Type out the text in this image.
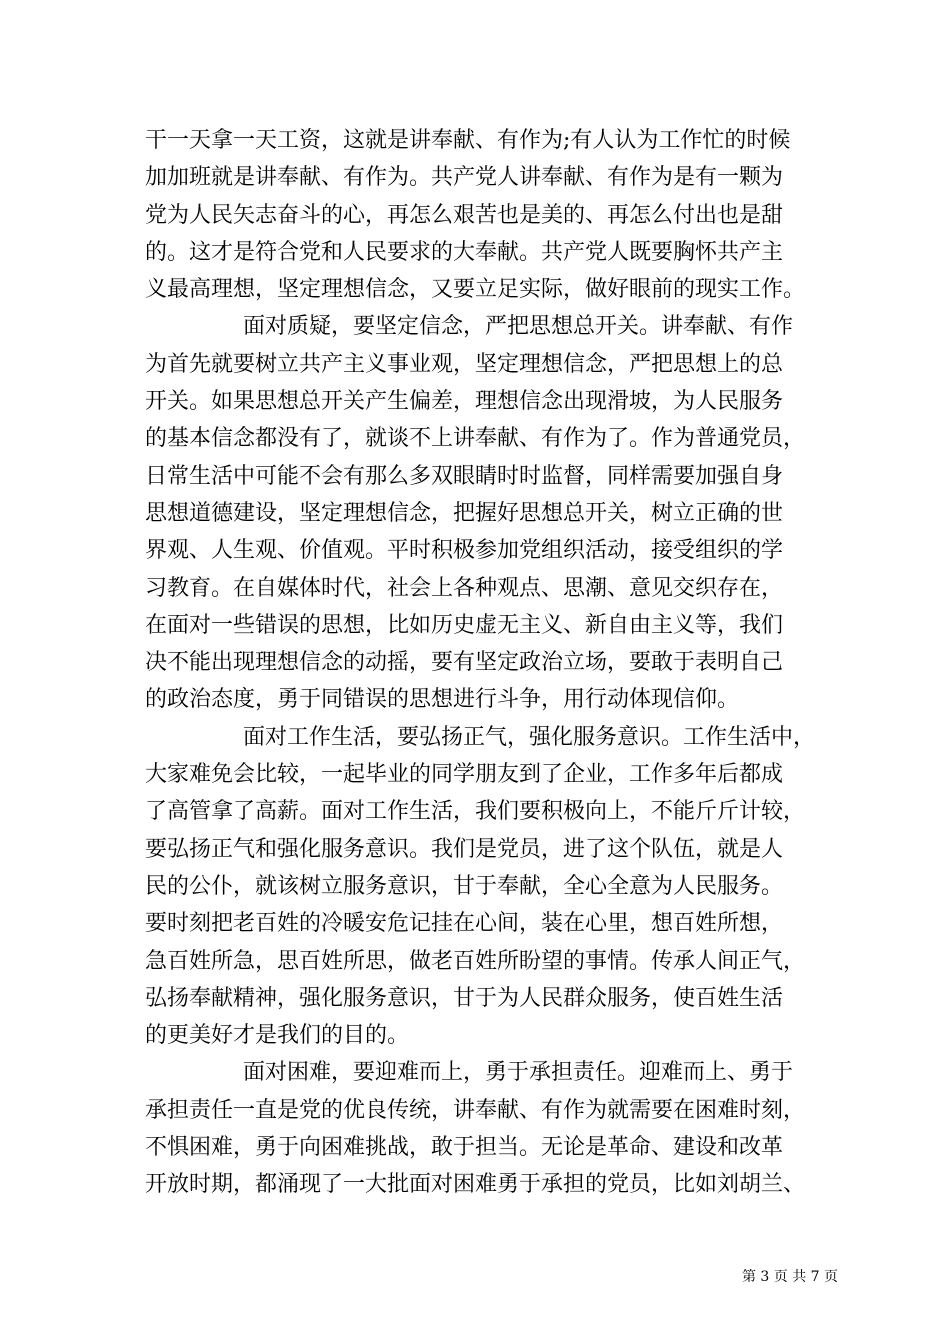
干一天拿一天工资，这就是讲奉献、有作为;有人认为工作忙的时候
加加班就是讲奉献、有作为。共产党人讲奉献、有作为是有一颗为
党为人民矢志奋斗的心，再怎么艰苦也是美的、再怎么付出也是甜
的。这才是符合党和人民要求的大奉献。共产党人既要胸怀共产主
义最高理想，坚定理想信念，又要立足实际，做好眼前的现实工作。
面对质疑，要坚定信念，严把思想总开关。讲奉献、有作
为首先就要树立共产主义事业观，坚定理想信念，严把思想上的总
开关。如果思想总开关产生偏差，理想信念出现滑坡，为人民服务
的基本信念都没有了，就谈不上讲奉献、有作为了。作为普通党员，
日常生活中可能不会有那么多双眼睛时时监督，同样需要加强自身
思想道德建设，坚定理想信念，把握好思想总开关，树立正确的世
界观、人生观、价值观。平时积极参加党组织活动，接受组织的学
习教育。在自媒体时代，社会上各种观点、思潮、意见交织存在，
在面对一些错误的思想，比如历史虚无主义、新自由主义等，我们
决不能出现理想信念的动摇，要有坚定政治立场，要敢于表明自己
的政治态度，勇于同错误的思想进行斗争，用行动体现信仰。
面对工作生活，要弘扬正气，强化服务意识。工作生活中，
大家难免会比较，一起毕业的同学朋友到了企业，工作多年后都成
了高管拿了高薪。面对工作生活，我们要积极向上，不能斤斤计较，
要弘扬正气和强化服务意识。我们是党员，进了这个队伍，就是人
民的公仆，就该树立服务意识，甘于奉献，全心全意为人民服务。
要时刻把老百姓的冷暖安危记挂在心间，装在心里，想百姓所想，
急百姓所急，思百姓所思，做老百姓所盼望的事情。传承人间正气，
弘扬奉献精神，强化服务意识，甘于为人民群众服务，使百姓生活
的更美好才是我们的目的。
面对困难，要迎难而上，勇于承担责任。迎难而上、勇于
承担责任一直是党的优良传统，讲奉献、有作为就需要在困难时刻，
不惧困难，勇于向困难挑战，敢于担当。无论是革命、建设和改革
开放时期，都涌现了一大批面对困难勇于承担的党员，比如刘胡兰、
第 3 页 共 7 页
